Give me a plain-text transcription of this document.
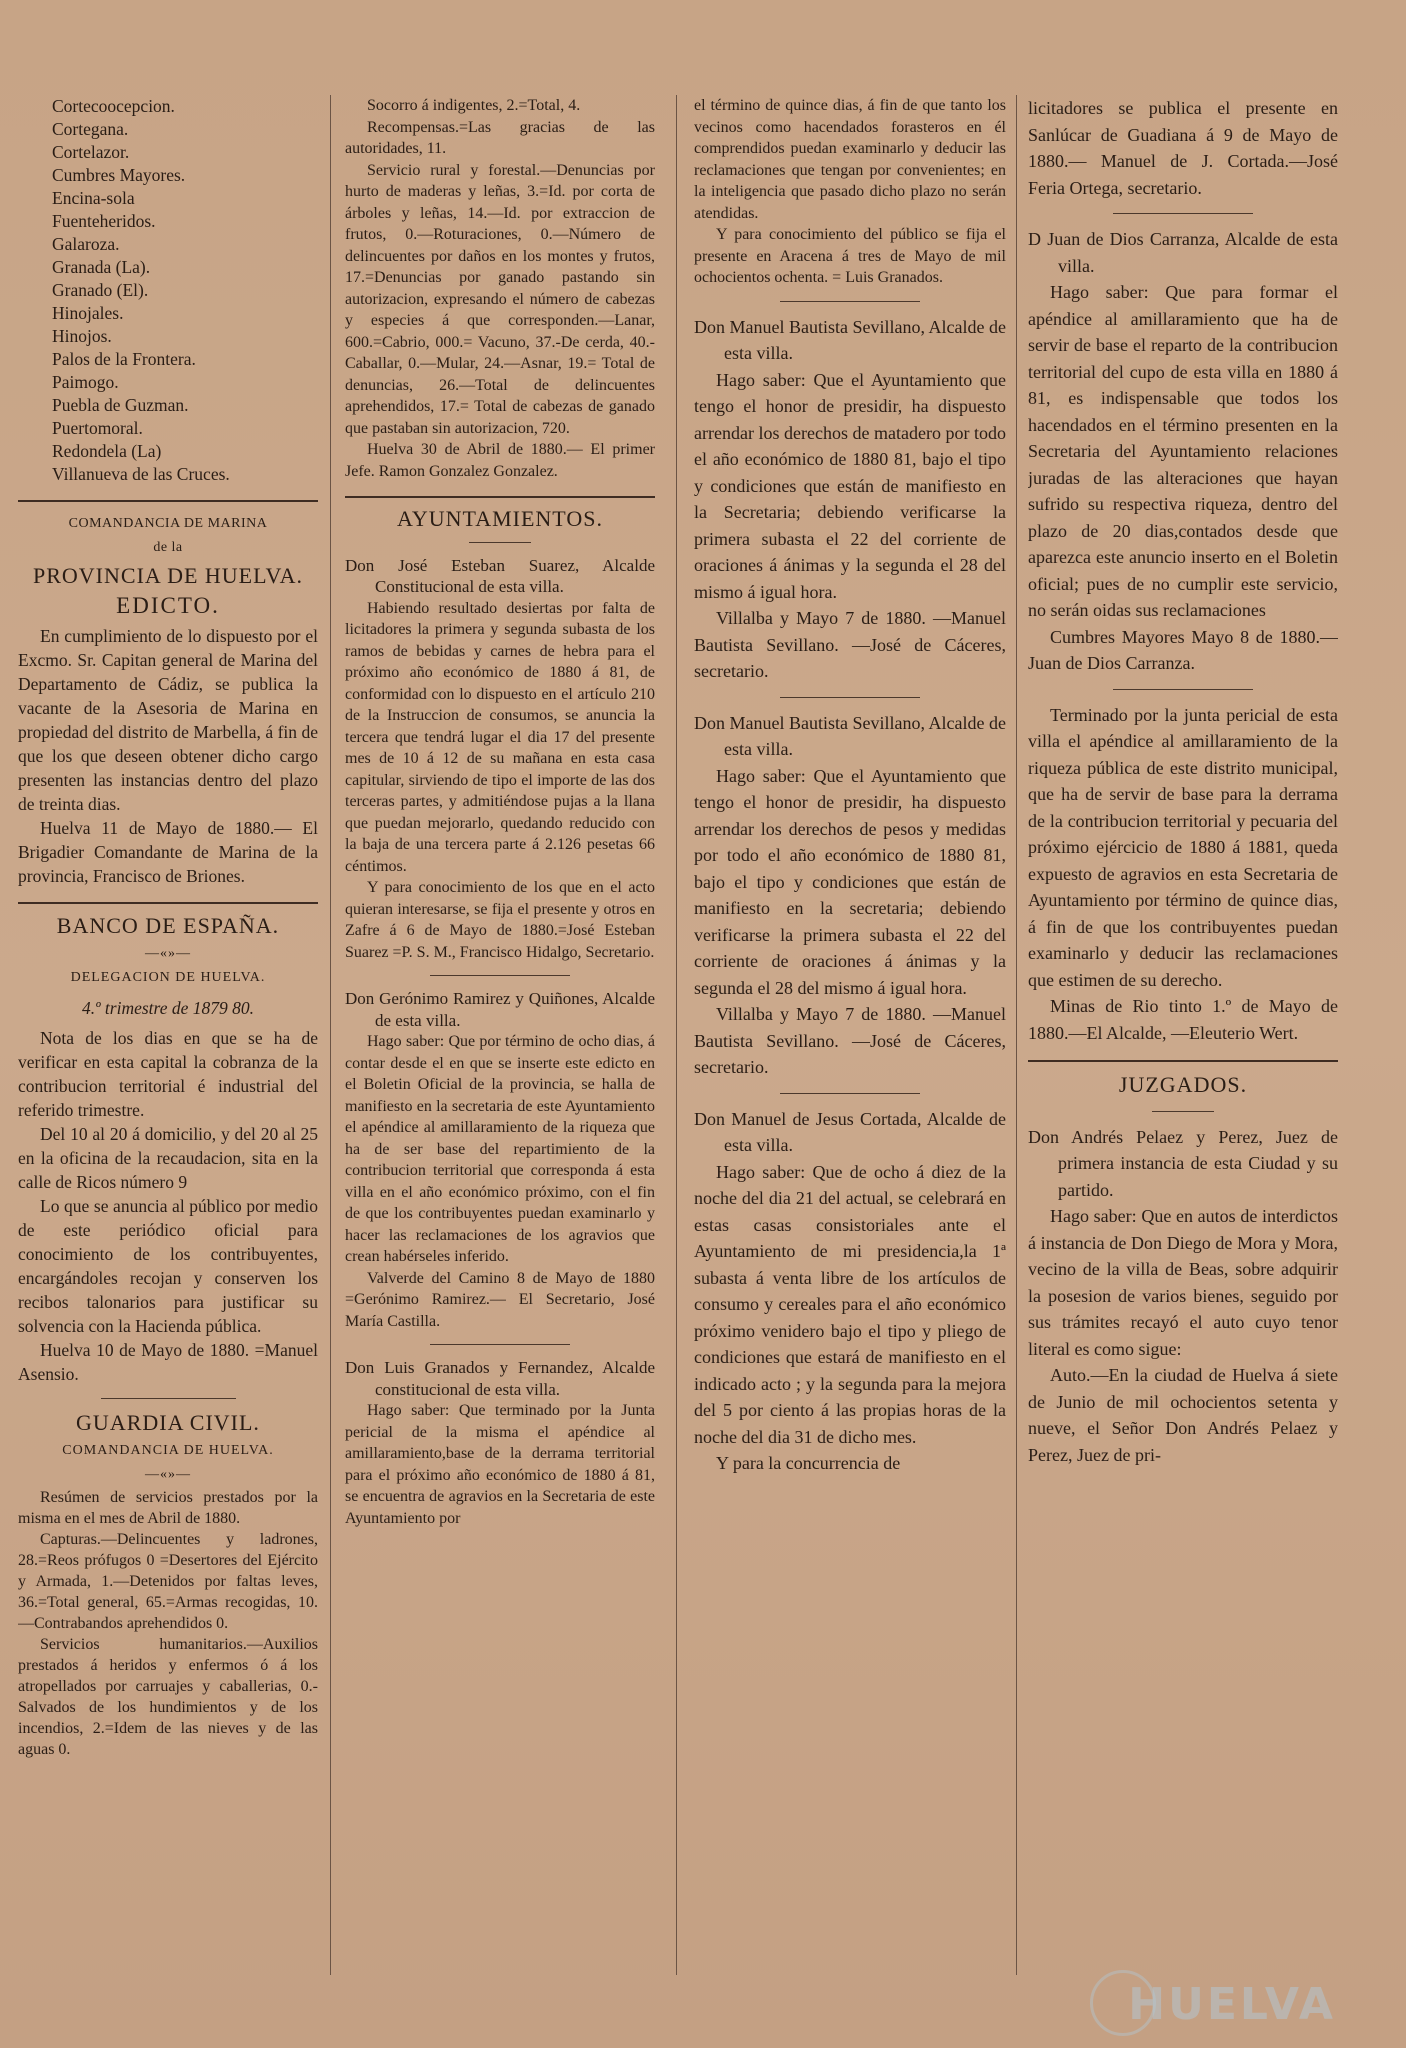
Cortecoocepcion.

Cortegana.

Cortelazor.

Cumbres Mayores.

Encina-sola

Fuenteheridos.

Galaroza.

Granada (La).

Granado (El).

Hinojales.

Hinojos.

Palos de la Frontera.

Paimogo.

Puebla de Guzman.

Puertomoral.

Redondela (La)

Villanueva de las Cruces.

COMANDANCIA DE MARINA

de la

PROVINCIA DE HUELVA.

EDICTO.

En cumplimiento de lo dispuesto por el Excmo. Sr. Capitan general de Marina del Departamento de Cádiz, se publica la vacante de la Asesoria de Marina en propiedad del distrito de Marbella, á fin de que los que deseen obtener dicho cargo presenten las instancias dentro del plazo de treinta dias.

Huelva 11 de Mayo de 1880.— El Brigadier Comandante de Marina de la provincia, Francisco de Briones.

BANCO DE ESPAÑA.

—«»—

DELEGACION DE HUELVA.

4.º trimestre de 1879 80.

Nota de los dias en que se ha de verificar en esta capital la cobranza de la contribucion territorial é industrial del referido trimestre.

Del 10 al 20 á domicilio, y del 20 al 25 en la oficina de la recaudacion, sita en la calle de Ricos número 9

Lo que se anuncia al público por medio de este periódico oficial para conocimiento de los contribuyentes, encargándoles recojan y conserven los recibos talonarios para justificar su solvencia con la Hacienda pública.

Huelva 10 de Mayo de 1880. =Manuel Asensio.

GUARDIA CIVIL.

COMANDANCIA DE HUELVA.

—«»—

Resúmen de servicios prestados por la misma en el mes de Abril de 1880.

Capturas.—Delincuentes y ladrones, 28.=Reos prófugos 0 =Desertores del Ejército y Armada, 1.—Detenidos por faltas leves, 36.=Total general, 65.=Armas recogidas, 10.—Contrabandos aprehendidos 0.

Servicios humanitarios.—Auxilios prestados á heridos y enfermos ó á los atropellados por carruajes y caballerias, 0.-Salvados de los hundimientos y de los incendios, 2.=Idem de las nieves y de las aguas 0.

Socorro á indigentes, 2.=Total, 4.

Recompensas.=Las gracias de las autoridades, 11.

Servicio rural y forestal.—Denuncias por hurto de maderas y leñas, 3.=Id. por corta de árboles y leñas, 14.—Id. por extraccion de frutos, 0.—Roturaciones, 0.—Número de delincuentes por daños en los montes y frutos, 17.=Denuncias por ganado pastando sin autorizacion, expresando el número de cabezas y especies á que corresponden.—Lanar, 600.=Cabrio, 000.= Vacuno, 37.-De cerda, 40.-Caballar, 0.—Mular, 24.—Asnar, 19.= Total de denuncias, 26.—Total de delincuentes aprehendidos, 17.= Total de cabezas de ganado que pastaban sin autorizacion, 720.

Huelva 30 de Abril de 1880.— El primer Jefe. Ramon Gonzalez Gonzalez.

AYUNTAMIENTOS.

Don José Esteban Suarez, Alcalde Constitucional de esta villa.

Habiendo resultado desiertas por falta de licitadores la primera y segunda subasta de los ramos de bebidas y carnes de hebra para el próximo año económico de 1880 á 81, de conformidad con lo dispuesto en el artículo 210 de la Instruccion de consumos, se anuncia la tercera que tendrá lugar el dia 17 del presente mes de 10 á 12 de su mañana en esta casa capitular, sirviendo de tipo el importe de las dos terceras partes, y admitiéndose pujas a la llana que puedan mejorarlo, quedando reducido con la baja de una tercera parte á 2.126 pesetas 66 céntimos.

Y para conocimiento de los que en el acto quieran interesarse, se fija el presente y otros en Zafre á 6 de Mayo de 1880.=José Esteban Suarez =P. S. M., Francisco Hidalgo, Secretario.

Don Gerónimo Ramirez y Quiñones, Alcalde de esta villa.

Hago saber: Que por término de ocho dias, á contar desde el en que se inserte este edicto en el Boletin Oficial de la provincia, se halla de manifiesto en la secretaria de este Ayuntamiento el apéndice al amillaramiento de la riqueza que ha de ser base del repartimiento de la contribucion territorial que corresponda á esta villa en el año económico próximo, con el fin de que los contribuyentes puedan examinarlo y hacer las reclamaciones de los agravios que crean habérseles inferido.

Valverde del Camino 8 de Mayo de 1880 =Gerónimo Ramirez.— El Secretario, José María Castilla.

Don Luis Granados y Fernandez, Alcalde constitucional de esta villa.

Hago saber: Que terminado por la Junta pericial de la misma el apéndice al amillaramiento,base de la derrama territorial para el próximo año económico de 1880 á 81, se encuentra de agravios en la Secretaria de este Ayuntamiento por

el término de quince dias, á fin de que tanto los vecinos como hacendados forasteros en él comprendidos puedan examinarlo y deducir las reclamaciones que tengan por convenientes; en la inteligencia que pasado dicho plazo no serán atendidas.

Y para conocimiento del público se fija el presente en Aracena á tres de Mayo de mil ochocientos ochenta. = Luis Granados.

Don Manuel Bautista Sevillano, Alcalde de esta villa.

Hago saber: Que el Ayuntamiento que tengo el honor de presidir, ha dispuesto arrendar los derechos de matadero por todo el año económico de 1880 81, bajo el tipo y condiciones que están de manifiesto en la Secretaria; debiendo verificarse la primera subasta el 22 del corriente de oraciones á ánimas y la segunda el 28 del mismo á igual hora.

Villalba y Mayo 7 de 1880. —Manuel Bautista Sevillano. —José de Cáceres, secretario.

Don Manuel Bautista Sevillano, Alcalde de esta villa.

Hago saber: Que el Ayuntamiento que tengo el honor de presidir, ha dispuesto arrendar los derechos de pesos y medidas por todo el año económico de 1880 81, bajo el tipo y condiciones que están de manifiesto en la secretaria; debiendo verificarse la primera subasta el 22 del corriente de oraciones á ánimas y la segunda el 28 del mismo á igual hora.

Villalba y Mayo 7 de 1880. —Manuel Bautista Sevillano. —José de Cáceres, secretario.

Don Manuel de Jesus Cortada, Alcalde de esta villa.

Hago saber: Que de ocho á diez de la noche del dia 21 del actual, se celebrará en estas casas consistoriales ante el Ayuntamiento de mi presidencia,la 1ª subasta á venta libre de los artículos de consumo y cereales para el año económico próximo venidero bajo el tipo y pliego de condiciones que estará de manifiesto en el indicado acto ; y la segunda para la mejora del 5 por ciento á las propias horas de la noche del dia 31 de dicho mes.

Y para la concurrencia de

licitadores se publica el presente en Sanlúcar de Guadiana á 9 de Mayo de 1880.— Manuel de J. Cortada.—José Feria Ortega, secretario.

D Juan de Dios Carranza, Alcalde de esta villa.

Hago saber: Que para formar el apéndice al amillaramiento que ha de servir de base el reparto de la contribucion territorial del cupo de esta villa en 1880 á 81, es indispensable que todos los hacendados en el término presenten en la Secretaria del Ayuntamiento relaciones juradas de las alteraciones que hayan sufrido su respectiva riqueza, dentro del plazo de 20 dias,contados desde que aparezca este anuncio inserto en el Boletin oficial; pues de no cumplir este servicio, no serán oidas sus reclamaciones

Cumbres Mayores Mayo 8 de 1880.—Juan de Dios Carranza.

Terminado por la junta pericial de esta villa el apéndice al amillaramiento de la riqueza pública de este distrito municipal, que ha de servir de base para la derrama de la contribucion territorial y pecuaria del próximo ejércicio de 1880 á 1881, queda expuesto de agravios en esta Secretaria de Ayuntamiento por término de quince dias, á fin de que los contribuyentes puedan examinarlo y deducir las reclamaciones que estimen de su derecho.

Minas de Rio tinto 1.º de Mayo de 1880.—El Alcalde, —Eleuterio Wert.

JUZGADOS.

Don Andrés Pelaez y Perez, Juez de primera instancia de esta Ciudad y su partido.

Hago saber: Que en autos de interdictos á instancia de Don Diego de Mora y Mora, vecino de la villa de Beas, sobre adquirir la posesion de varios bienes, seguido por sus trámites recayó el auto cuyo tenor literal es como sigue:

Auto.—En la ciudad de Huelva á siete de Junio de mil ochocientos setenta y nueve, el Señor Don Andrés Pelaez y Perez, Juez de pri-

HUELVA
